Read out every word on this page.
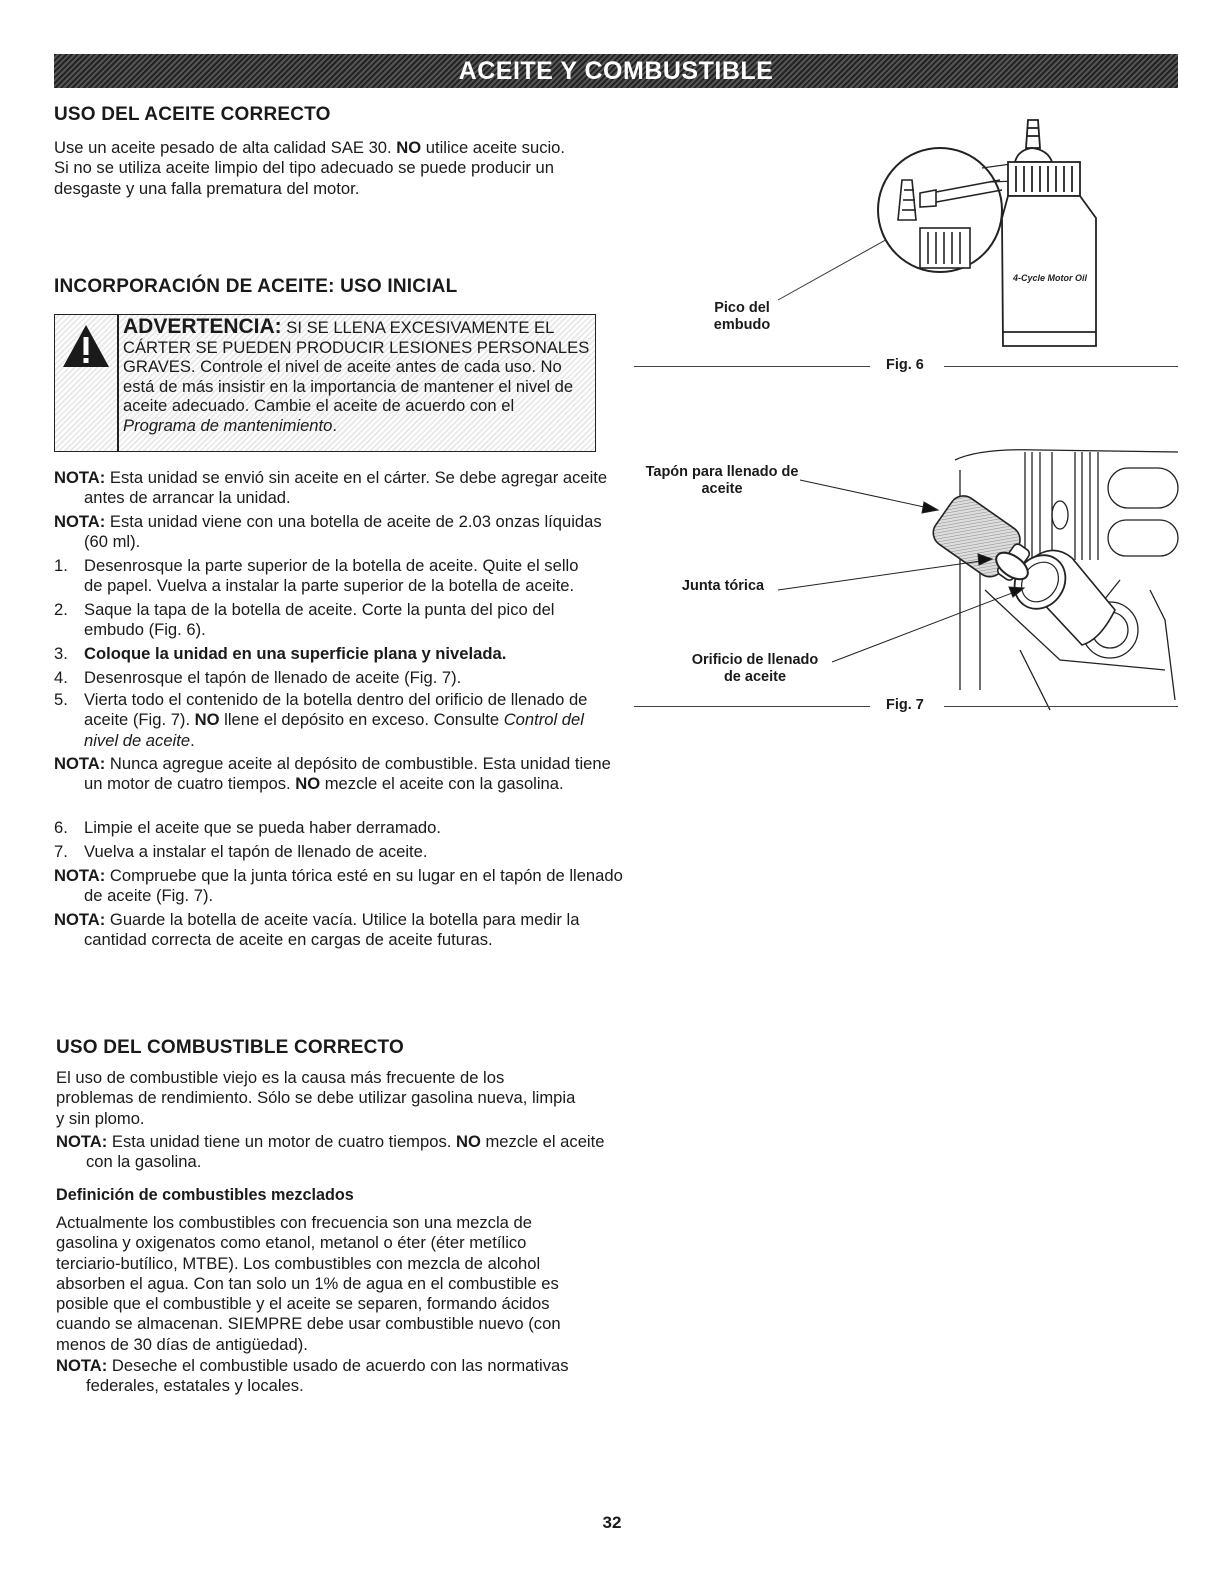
ACEITE Y COMBUSTIBLE
USO DEL ACEITE CORRECTO

Use un aceite pesado de alta calidad SAE 30. NO utilice aceite sucio. Si no se utiliza aceite limpio del tipo adecuado se puede producir un desgaste y una falla prematura del motor.

INCORPORACIÓN DE ACEITE: USO INICIAL
ADVERTENCIA: SI SE LLENA EXCESIVAMENTE EL CÁRTER SE PUEDEN PRODUCIR LESIONES PERSONALES GRAVES. Controle el nivel de aceite antes de cada uso. No está de más insistir en la importancia de mantener el nivel de aceite adecuado. Cambie el aceite de acuerdo con el Programa de mantenimiento.

NOTA: Esta unidad se envió sin aceite en el cárter. Se debe agregar aceite antes de arrancar la unidad.

NOTA: Esta unidad viene con una botella de aceite de 2.03 onzas líquidas (60 ml).

1. Desenrosque la parte superior de la botella de aceite. Quite el sello de papel. Vuelva a instalar la parte superior de la botella de aceite.
2. Saque la tapa de la botella de aceite. Corte la punta del pico del embudo (Fig. 6).
3. Coloque la unidad en una superficie plana y nivelada.
4. Desenrosque el tapón de llenado de aceite (Fig. 7).
5. Vierta todo el contenido de la botella dentro del orificio de llenado de aceite (Fig. 7). NO llene el depósito en exceso. Consulte Control del nivel de aceite.

NOTA: Nunca agregue aceite al depósito de combustible. Esta unidad tiene un motor de cuatro tiempos. NO mezcle el aceite con la gasolina.

6. Limpie el aceite que se pueda haber derramado.
7. Vuelva a instalar el tapón de llenado de aceite.

NOTA: Compruebe que la junta tórica esté en su lugar en el tapón de llenado de aceite (Fig. 7).

NOTA: Guarde la botella de aceite vacía. Utilice la botella para medir la cantidad correcta de aceite en cargas de aceite futuras.

USO DEL COMBUSTIBLE CORRECTO

El uso de combustible viejo es la causa más frecuente de los problemas de rendimiento. Sólo se debe utilizar gasolina nueva, limpia y sin plomo.

NOTA: Esta unidad tiene un motor de cuatro tiempos. NO mezcle el aceite con la gasolina.

Definición de combustibles mezclados

Actualmente los combustibles con frecuencia son una mezcla de gasolina y oxigenatos como etanol, metanol o éter (éter metílico terciario-butílico, MTBE). Los combustibles con mezcla de alcohol absorben el agua. Con tan solo un 1% de agua en el combustible es posible que el combustible y el aceite se separen, formando ácidos cuando se almacenan. SIEMPRE debe usar combustible nuevo (con menos de 30 días de antigüedad).

NOTA: Deseche el combustible usado de acuerdo con las normativas federales, estatales y locales.

4-Cycle Motor Oil
Pico del embudo
Fig. 6
Tapón para llenado de aceite
Junta tórica
Orificio de llenado de aceite
Fig. 7
32
